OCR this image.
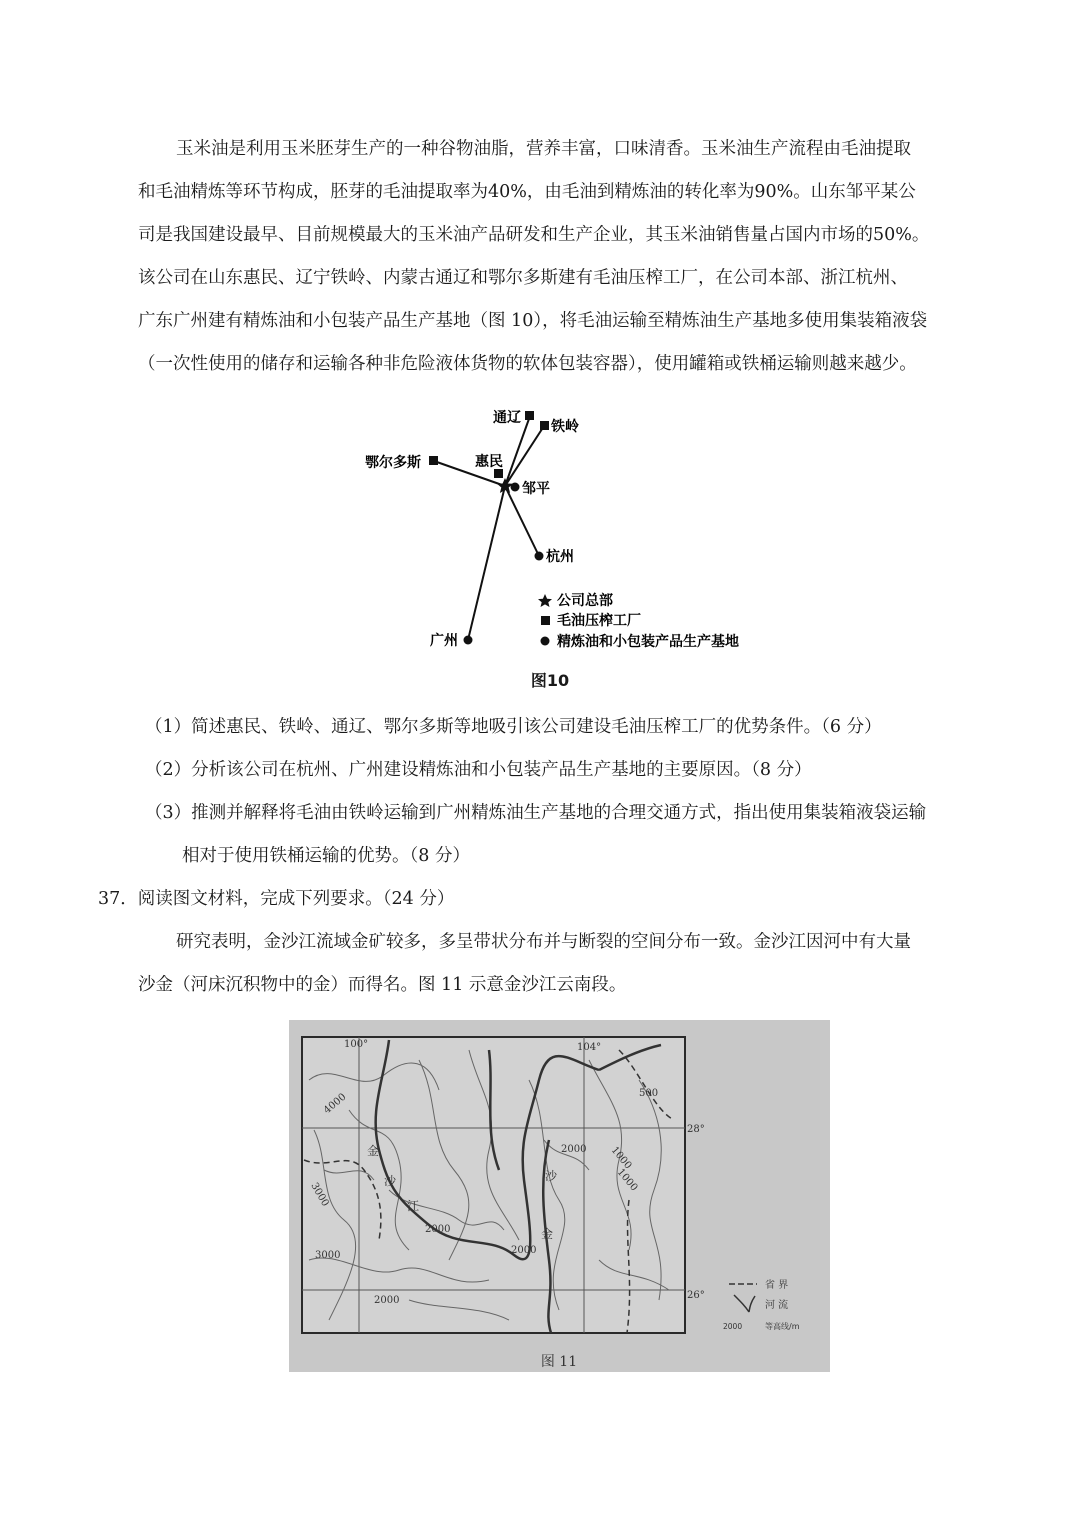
玉米油是利用玉米胚芽生产的一种谷物油脂，营养丰富，口味清香。玉米油生产流程由毛油提取
和毛油精炼等环节构成，胚芽的毛油提取率为40%，由毛油到精炼油的转化率为90%。山东邹平某公
司是我国建设最早、目前规模最大的玉米油产品研发和生产企业，其玉米油销售量占国内市场的50%。
该公司在山东惠民、辽宁铁岭、内蒙古通辽和鄂尔多斯建有毛油压榨工厂，在公司本部、浙江杭州、
广东广州建有精炼油和小包装产品生产基地（图 10），将毛油运输至精炼油生产基地多使用集装箱液袋
（一次性使用的储存和运输各种非危险液体货物的软体包装容器），使用罐箱或铁桶运输则越来越少。
通辽
铁岭
鄂尔多斯	惠民
邹平
杭州
广州
公司总部
毛油压榨工厂
精炼油和小包装产品生产基地
图10
（1）简述惠民、铁岭、通辽、鄂尔多斯等地吸引该公司建设毛油压榨工厂的优势条件。（6 分）
（2）分析该公司在杭州、广州建设精炼油和小包装产品生产基地的主要原因。（8 分）
（3）推测并解释将毛油由铁岭运输到广州精炼油生产基地的合理交通方式，指出使用集装箱液袋运输
相对于使用铁桶运输的优势。（8 分）
37．阅读图文材料，完成下列要求。（24 分）
研究表明，金沙江流域金矿较多，多呈带状分布并与断裂的空间分布一致。金沙江因河中有大量
沙金（河床沉积物中的金）而得名。图 11 示意金沙江云南段。
100°	104°
28°
26°
4000
3000
3000
2000
2000
2000
2000
1000
1000
500
金
沙
江
金
沙
省 界
河 流
2000	等高线/m
图 11
